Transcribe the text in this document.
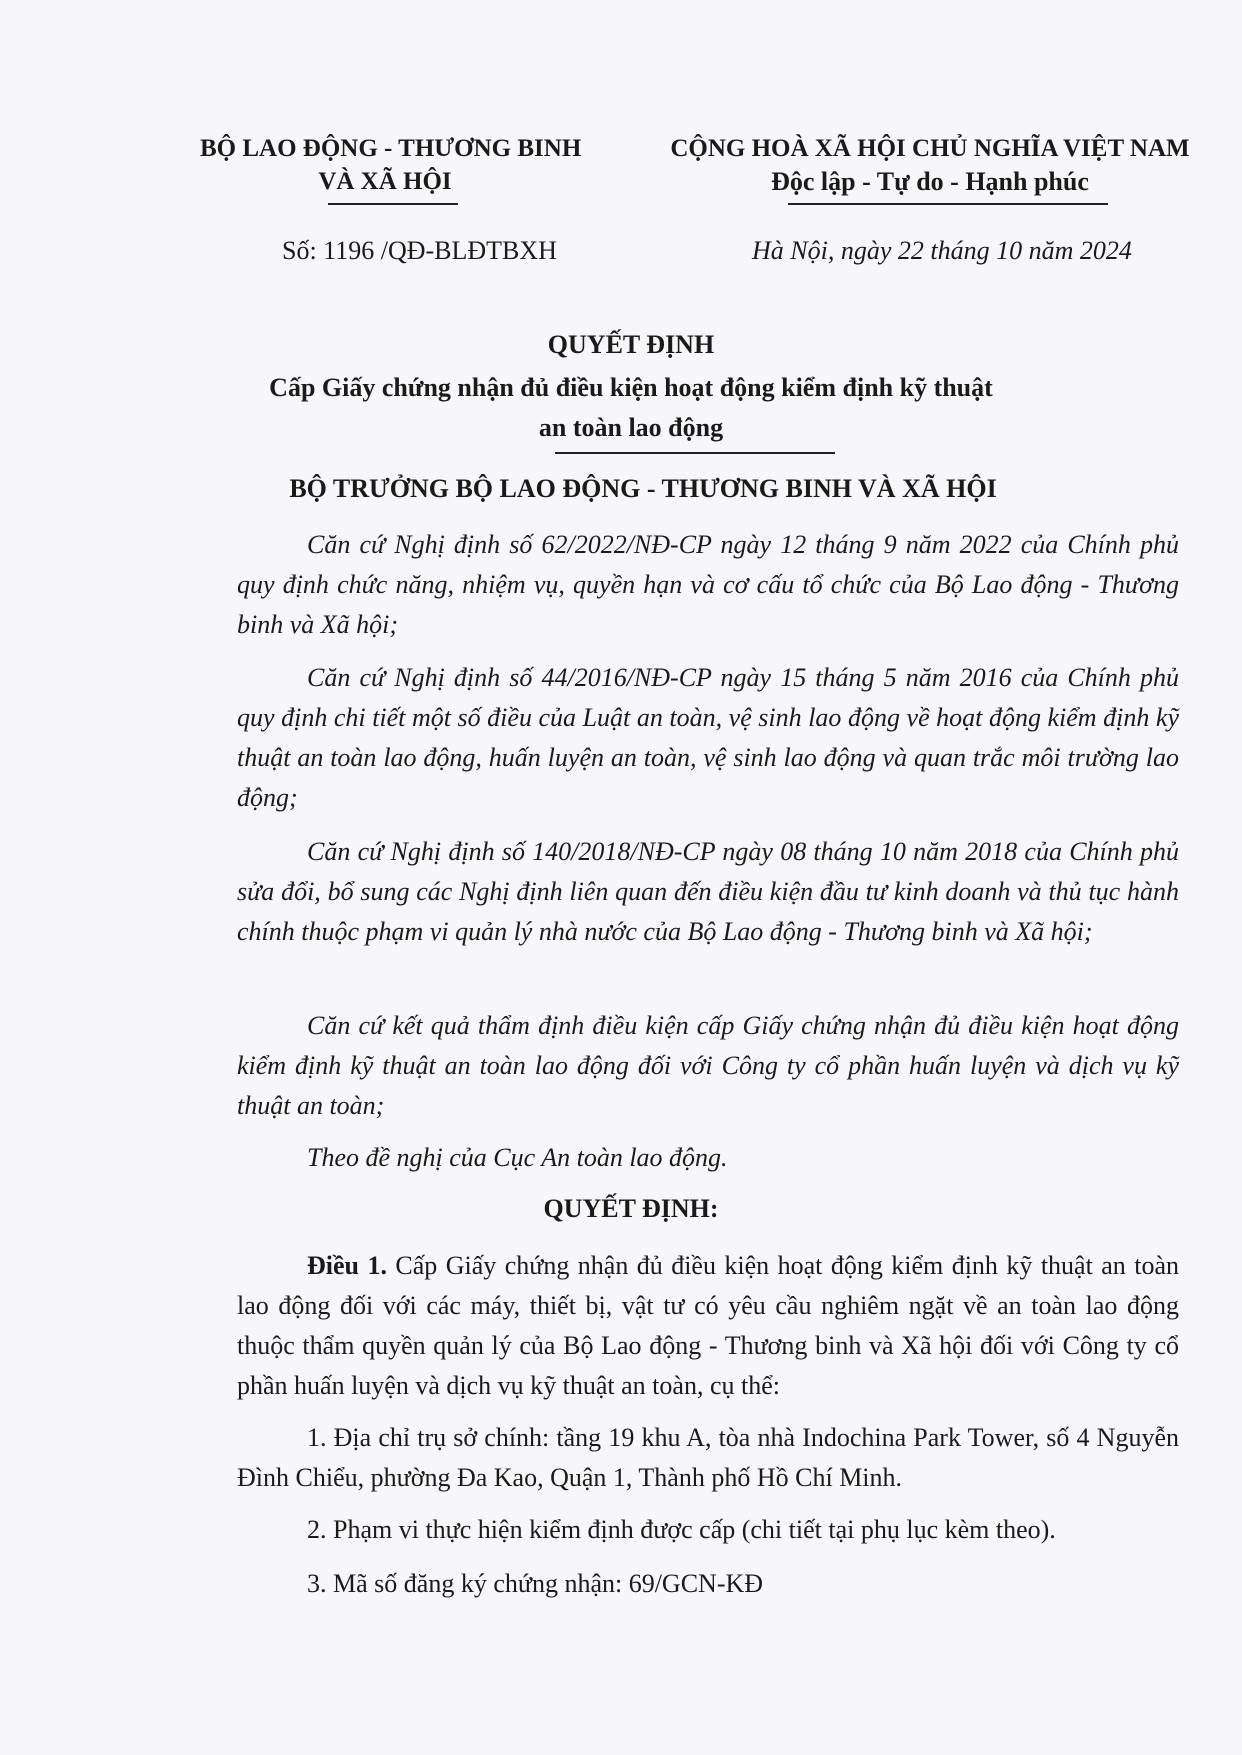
BỘ LAO ĐỘNG - THƯƠNG BINH
VÀ XÃ HỘI
CỘNG HOÀ XÃ HỘI CHỦ NGHĨA VIỆT NAM
Độc lập - Tự do - Hạnh phúc
Số: 1196 /QĐ-BLĐTBXH	Hà Nội, ngày 22 tháng 10 năm 2024
QUYẾT ĐỊNH
Cấp Giấy chứng nhận đủ điều kiện hoạt động kiểm định kỹ thuật
an toàn lao động
BỘ TRƯỞNG BỘ LAO ĐỘNG - THƯƠNG BINH VÀ XÃ HỘI
Căn cứ Nghị định số 62/2022/NĐ-CP ngày 12 tháng 9 năm 2022 của Chính phủ quy định chức năng, nhiệm vụ, quyền hạn và cơ cấu tổ chức của Bộ Lao động - Thương binh và Xã hội;
Căn cứ Nghị định số 44/2016/NĐ-CP ngày 15 tháng 5 năm 2016 của Chính phủ quy định chi tiết một số điều của Luật an toàn, vệ sinh lao động về hoạt động kiểm định kỹ thuật an toàn lao động, huấn luyện an toàn, vệ sinh lao động và quan trắc môi trường lao động;
Căn cứ Nghị định số 140/2018/NĐ-CP ngày 08 tháng 10 năm 2018 của Chính phủ sửa đổi, bổ sung các Nghị định liên quan đến điều kiện đầu tư kinh doanh và thủ tục hành chính thuộc phạm vi quản lý nhà nước của Bộ Lao động - Thương binh và Xã hội;
Căn cứ kết quả thẩm định điều kiện cấp Giấy chứng nhận đủ điều kiện hoạt động kiểm định kỹ thuật an toàn lao động đối với Công ty cổ phần huấn luyện và dịch vụ kỹ thuật an toàn;
Theo đề nghị của Cục An toàn lao động.
QUYẾT ĐỊNH:
Điều 1. Cấp Giấy chứng nhận đủ điều kiện hoạt động kiểm định kỹ thuật an toàn lao động đối với các máy, thiết bị, vật tư có yêu cầu nghiêm ngặt về an toàn lao động thuộc thẩm quyền quản lý của Bộ Lao động - Thương binh và Xã hội đối với Công ty cổ phần huấn luyện và dịch vụ kỹ thuật an toàn, cụ thể:
1. Địa chỉ trụ sở chính: tầng 19 khu A, tòa nhà Indochina Park Tower, số 4 Nguyễn Đình Chiểu, phường Đa Kao, Quận 1, Thành phố Hồ Chí Minh.
2. Phạm vi thực hiện kiểm định được cấp (chi tiết tại phụ lục kèm theo).
3. Mã số đăng ký chứng nhận: 69/GCN-KĐ
